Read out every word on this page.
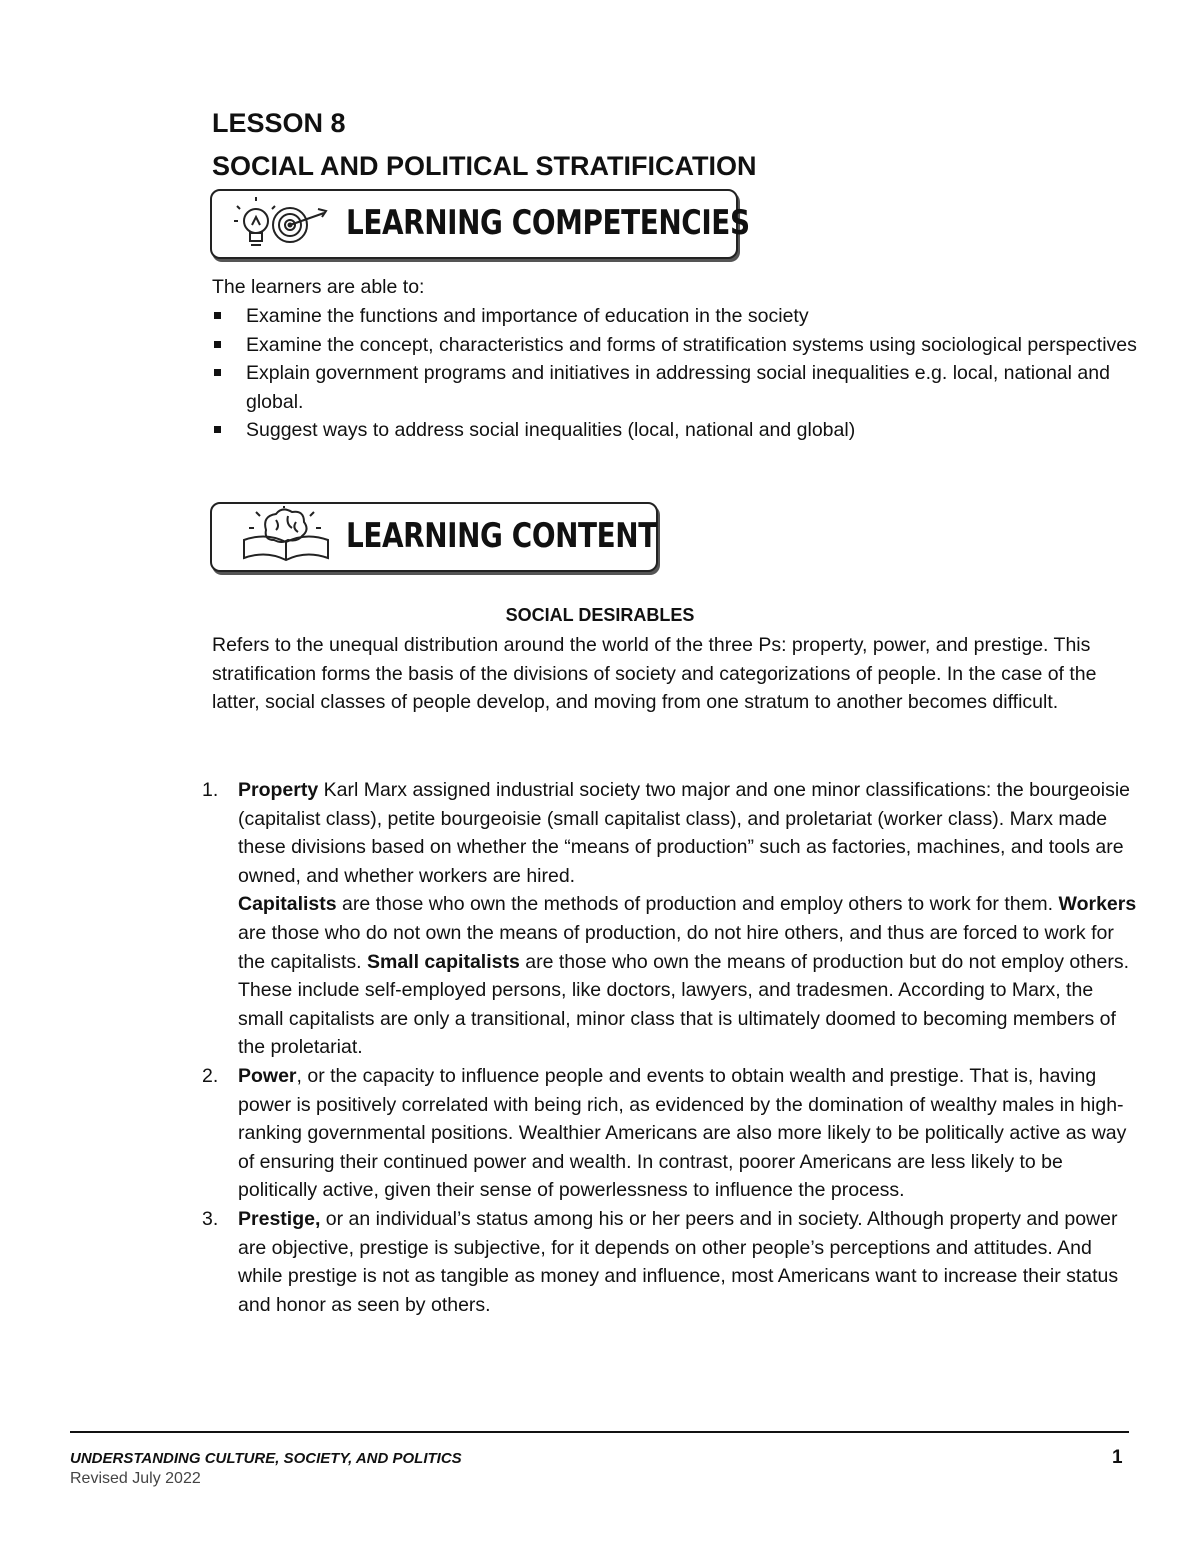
LESSON 8
SOCIAL AND POLITICAL STRATIFICATION
LEARNING COMPETENCIES
The learners are able to:
Examine the functions and importance of education in the society
Examine the concept, characteristics and forms of stratification systems using sociological perspectives
Explain government programs and initiatives in addressing social inequalities e.g. local, national and global.
Suggest ways to address social inequalities (local, national and global)
LEARNING CONTENT
SOCIAL DESIRABLES
Refers to the unequal distribution around the world of the three Ps: property, power, and prestige. This stratification forms the basis of the divisions of society and categorizations of people. In the case of the latter, social classes of people develop, and moving from one stratum to another becomes difficult.
1. Property Karl Marx assigned industrial society two major and one minor classifications: the bourgeoisie (capitalist class), petite bourgeoisie (small capitalist class), and proletariat (worker class). Marx made these divisions based on whether the “means of production” such as factories, machines, and tools are owned, and whether workers are hired.
Capitalists are those who own the methods of production and employ others to work for them. Workers are those who do not own the means of production, do not hire others, and thus are forced to work for the capitalists. Small capitalists are those who own the means of production but do not employ others. These include self-employed persons, like doctors, lawyers, and tradesmen. According to Marx, the small capitalists are only a transitional, minor class that is ultimately doomed to becoming members of the proletariat.
2. Power, or the capacity to influence people and events to obtain wealth and prestige. That is, having power is positively correlated with being rich, as evidenced by the domination of wealthy males in high-ranking governmental positions. Wealthier Americans are also more likely to be politically active as way of ensuring their continued power and wealth. In contrast, poorer Americans are less likely to be politically active, given their sense of powerlessness to influence the process.
3. Prestige, or an individual’s status among his or her peers and in society. Although property and power are objective, prestige is subjective, for it depends on other people’s perceptions and attitudes. And while prestige is not as tangible as money and influence, most Americans want to increase their status and honor as seen by others.
UNDERSTANDING CULTURE, SOCIETY, AND POLITICS
Revised July 2022
1
